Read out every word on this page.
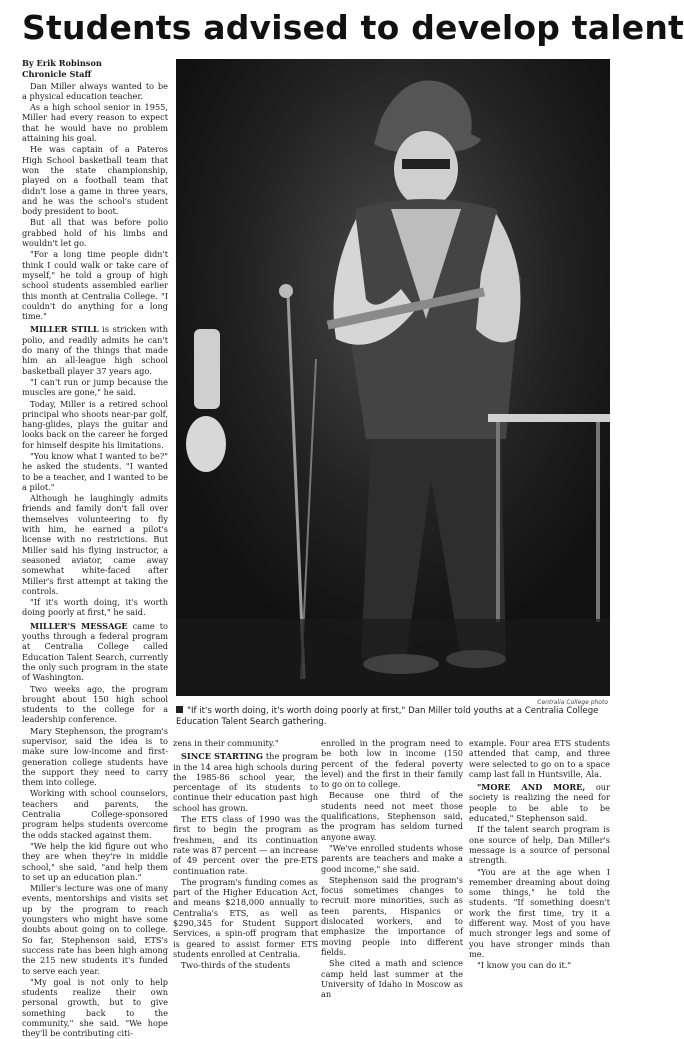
Students advised to develop talent

By Erik Robinson

Chronicle Staff

Dan Miller always wanted to be a physical education teacher.

As a high school senior in 1955, Miller had every reason to expect that he would have no problem attaining his goal.

He was captain of a Pateros High School basketball team that won the state championship, played on a football team that didn't lose a game in three years, and he was the school's student body president to boot.

But all that was before polio grabbed hold of his limbs and wouldn't let go.

"For a long time people didn't think I could walk or take care of myself," he told a group of high school students assembled earlier this month at Centralia College. "I couldn't do anything for a long time."

MILLER STILL is stricken with polio, and readily admits he can't do many of the things that made him an all-league high school basketball player 37 years ago.

"I can't run or jump because the muscles are gone," he said.

Today, Miller is a retired school principal who shoots near-par golf, hang-glides, plays the guitar and looks back on the career he forged for himself despite his limitations.

"You know what I wanted to be?" he asked the students. "I wanted to be a teacher, and I wanted to be a pilot."

Although he laughingly admits friends and family don't fall over themselves volunteering to fly with him, he earned a pilot's license with no restrictions. But Miller said his flying instructor, a seasoned aviator, came away somewhat white-faced after Miller's first attempt at taking the controls.

"If it's worth doing, it's worth doing poorly at first," he said.

MILLER'S MESSAGE came to youths through a federal program at Centralia College called Education Talent Search, currently the only such program in the state of Washington.

Two weeks ago, the program brought about 150 high school students to the college for a leadership conference.

Mary Stephenson, the program's supervisor, said the idea is to make sure low-income and first-generation college students have the support they need to carry them into college.

Working with school counselors, teachers and parents, the Centralia College-sponsored program helps students overcome the odds stacked against them.

"We help the kid figure out who they are when they're in middle school," she said, "and help them to set up an education plan."

Miller's lecture was one of many events, mentorships and visits set up by the program to reach youngsters who might have some doubts about going on to college. So far, Stephenson said, ETS's success rate has been high among the 215 new students it's funded to serve each year.

"My goal is not only to help students realize their own personal growth, but to give something back to the community," she said. "We hope they'll be contributing citi-

Centralia College photo
"If it's worth doing, it's worth doing poorly at first," Dan Miller told youths at a Centralia College Education Talent Search gathering.

zens in their community."

SINCE STARTING the program in the 14 area high schools during the 1985-86 school year, the percentage of its students to continue their education past high school has grown.

The ETS class of 1990 was the first to begin the program as freshmen, and its continuation rate was 87 percent — an increase of 49 percent over the pre-ETS continuation rate.

The program's funding comes as part of the Higher Education Act, and means $218,000 annually to Centralia's ETS, as well as $290,345 for Student Support Services, a spin-off program that is geared to assist former ETS students enrolled at Centralia.

Two-thirds of the students

enrolled in the program need to be both low in income (150 percent of the federal poverty level) and the first in their family to go on to college.

Because one third of the students need not meet those qualifications, Stephenson said, the program has seldom turned anyone away.

"We've enrolled students whose parents are teachers and make a good income," she said.

Stephenson said the program's focus sometimes changes to recruit more minorities, such as teen parents, Hispanics or dislocated workers, and to emphasize the importance of moving people into different fields.

She cited a math and science camp held last summer at the University of Idaho in Moscow as an

example. Four area ETS students attended that camp, and three were selected to go on to a space camp last fall in Huntsville, Ala.

"MORE AND MORE, our society is realizing the need for people to be able to be educated," Stephenson said.

If the talent search program is one source of help, Dan Miller's message is a source of personal strength.

"You are at the age when I remember dreaming about doing some things," he told the students. "If something doesn't work the first time, try it a different way. Most of you have much stronger legs and some of you have stronger minds than me.

"I know you can do it."
